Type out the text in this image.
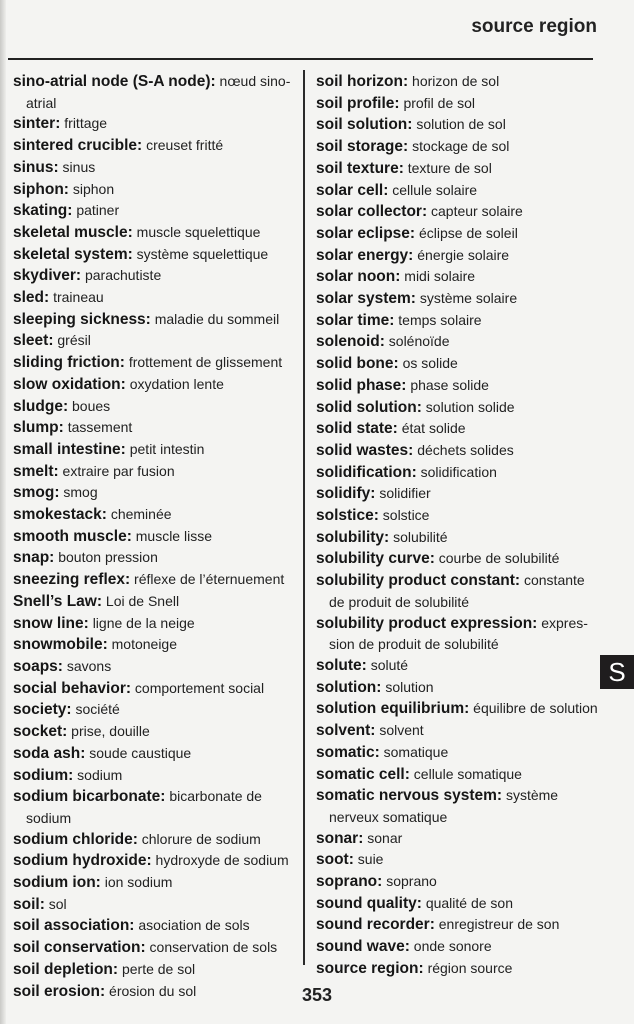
source region
sino-atrial node (S-A node): nœud sino-atrial
sinter: frittage
sintered crucible: creuset fritté
sinus: sinus
siphon: siphon
skating: patiner
skeletal muscle: muscle squelettique
skeletal system: système squelettique
skydiver: parachutiste
sled: traineau
sleeping sickness: maladie du sommeil
sleet: grésil
sliding friction: frottement de glissement
slow oxidation: oxydation lente
sludge: boues
slump: tassement
small intestine: petit intestin
smelt: extraire par fusion
smog: smog
smokestack: cheminée
smooth muscle: muscle lisse
snap: bouton pression
sneezing reflex: réflexe de l’éternuement
Snell’s Law: Loi de Snell
snow line: ligne de la neige
snowmobile: motoneige
soaps: savons
social behavior: comportement social
society: société
socket: prise, douille
soda ash: soude caustique
sodium: sodium
sodium bicarbonate: bicarbonate de sodium
sodium chloride: chlorure de sodium
sodium hydroxide: hydroxyde de sodium
sodium ion: ion sodium
soil: sol
soil association: asociation de sols
soil conservation: conservation de sols
soil depletion: perte de sol
soil erosion: érosion du sol
soil horizon: horizon de sol
soil profile: profil de sol
soil solution: solution de sol
soil storage: stockage de sol
soil texture: texture de sol
solar cell: cellule solaire
solar collector: capteur solaire
solar eclipse: éclipse de soleil
solar energy: énergie solaire
solar noon: midi solaire
solar system: système solaire
solar time: temps solaire
solenoid: solénoïde
solid bone: os solide
solid phase: phase solide
solid solution: solution solide
solid state: état solide
solid wastes: déchets solides
solidification: solidification
solidify: solidifier
solstice: solstice
solubility: solubilité
solubility curve: courbe de solubilité
solubility product constant: constante de produit de solubilité
solubility product expression: expression de produit de solubilité
solute: soluté
solution: solution
solution equilibrium: équilibre de solution
solvent: solvent
somatic: somatique
somatic cell: cellule somatique
somatic nervous system: système nerveux somatique
sonar: sonar
soot: suie
soprano: soprano
sound quality: qualité de son
sound recorder: enregistreur de son
sound wave: onde sonore
source region: région source
S
353
